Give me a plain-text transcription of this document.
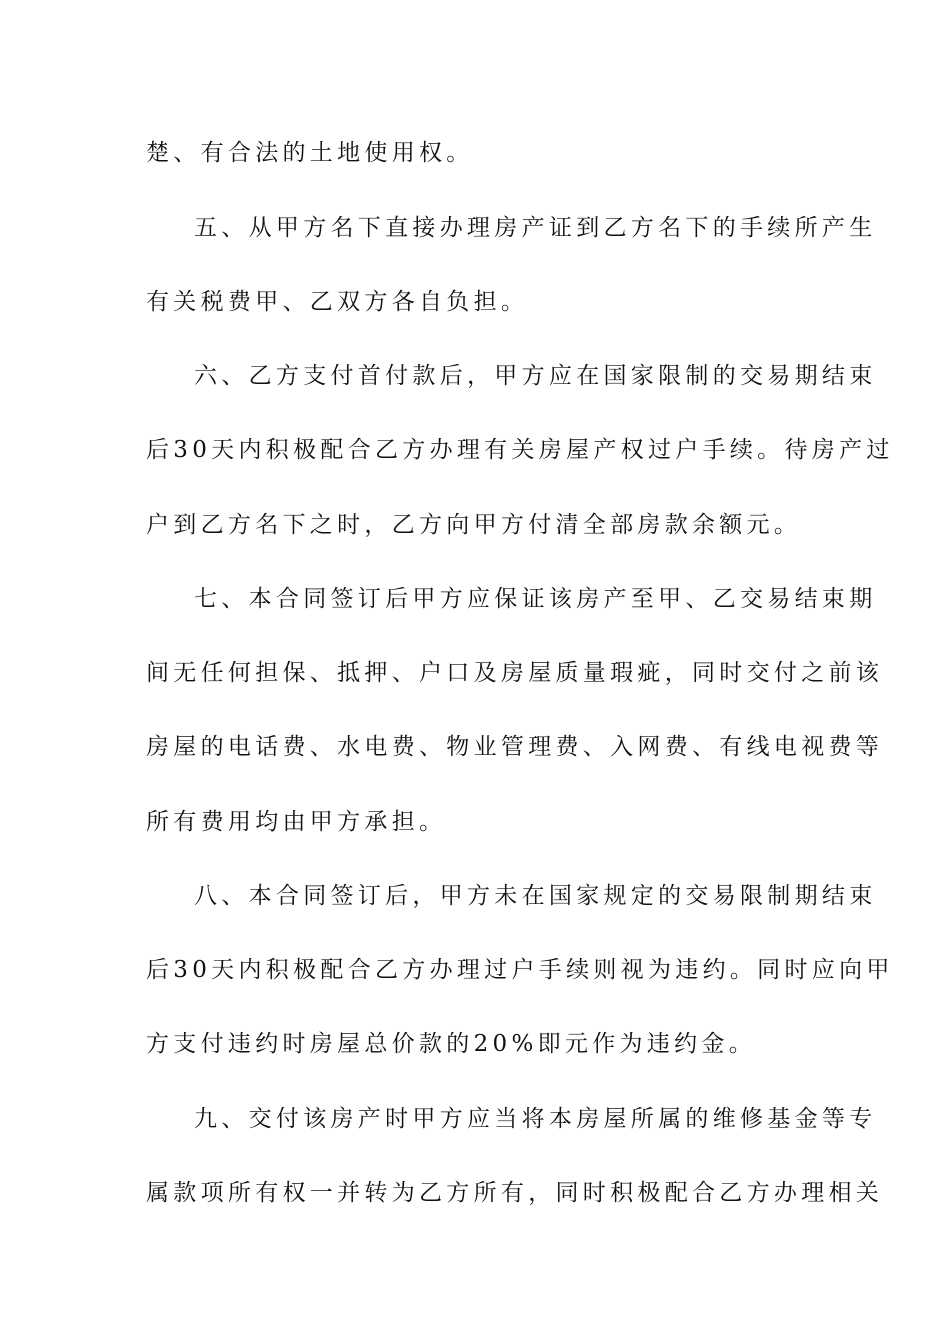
楚、有合法的土地使用权。
五、从甲方名下直接办理房产证到乙方名下的手续所产生
有关税费甲、乙双方各自负担。
六、乙方支付首付款后，甲方应在国家限制的交易期结束
后30天内积极配合乙方办理有关房屋产权过户手续。待房产过
户到乙方名下之时，乙方向甲方付清全部房款余额元。
七、本合同签订后甲方应保证该房产至甲、乙交易结束期
间无任何担保、抵押、户口及房屋质量瑕疵，同时交付之前该
房屋的电话费、水电费、物业管理费、入网费、有线电视费等
所有费用均由甲方承担。
八、本合同签订后，甲方未在国家规定的交易限制期结束
后30天内积极配合乙方办理过户手续则视为违约。同时应向甲
方支付违约时房屋总价款的20%即元作为违约金。
九、交付该房产时甲方应当将本房屋所属的维修基金等专
属款项所有权一并转为乙方所有，同时积极配合乙方办理相关
